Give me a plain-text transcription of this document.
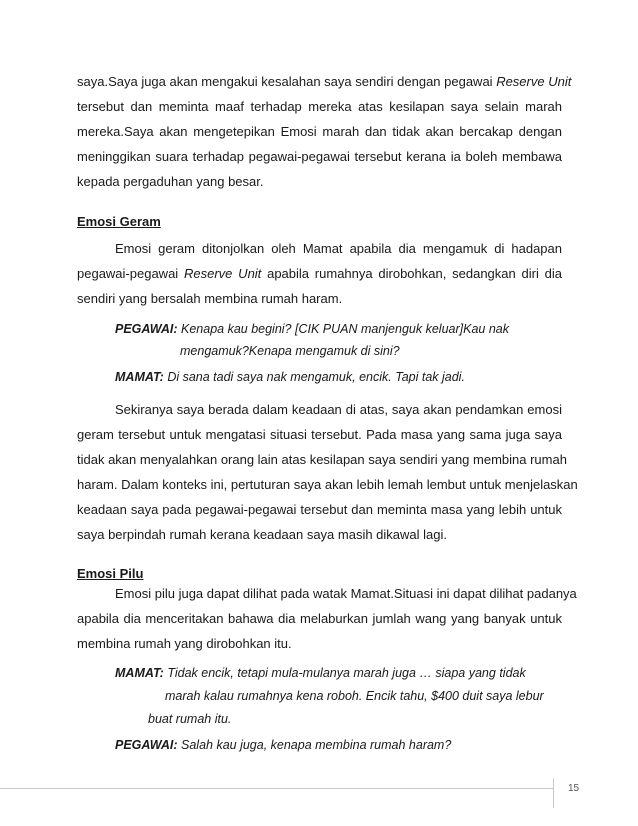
saya.Saya juga akan mengakui kesalahan saya sendiri dengan pegawai Reserve Unit
tersebut dan meminta maaf terhadap mereka atas kesilapan saya selain marah
mereka.Saya akan mengetepikan Emosi marah dan tidak akan bercakap dengan
meninggikan suara terhadap pegawai-pegawai tersebut kerana ia boleh membawa
kepada pergaduhan yang besar.
Emosi Geram
Emosi geram ditonjolkan oleh Mamat apabila dia mengamuk di hadapan
pegawai-pegawai Reserve Unit apabila rumahnya dirobohkan, sedangkan diri dia
sendiri yang bersalah membina rumah haram.
PEGAWAI: Kenapa kau begini? [CIK PUAN manjenguk keluar]Kau nak
mengamuk?Kenapa mengamuk di sini?
MAMAT: Di sana tadi saya nak mengamuk, encik. Tapi tak jadi.
Sekiranya saya berada dalam keadaan di atas, saya akan pendamkan emosi
geram tersebut untuk mengatasi situasi tersebut. Pada masa yang sama juga saya
tidak akan menyalahkan orang lain atas kesilapan saya sendiri yang membina rumah
haram. Dalam konteks ini, pertuturan saya akan lebih lemah lembut untuk menjelaskan
keadaan saya pada pegawai-pegawai tersebut dan meminta masa yang lebih untuk
saya berpindah rumah kerana keadaan saya masih dikawal lagi.
Emosi Pilu
Emosi pilu juga dapat dilihat pada watak Mamat.Situasi ini dapat dilihat padanya
apabila dia menceritakan bahawa dia melaburkan jumlah wang yang banyak untuk
membina rumah yang dirobohkan itu.
MAMAT: Tidak encik, tetapi mula-mulanya marah juga … siapa yang tidak
marah kalau rumahnya kena roboh. Encik tahu, $400 duit saya lebur
buat rumah itu.
PEGAWAI: Salah kau juga, kenapa membina rumah haram?
15
